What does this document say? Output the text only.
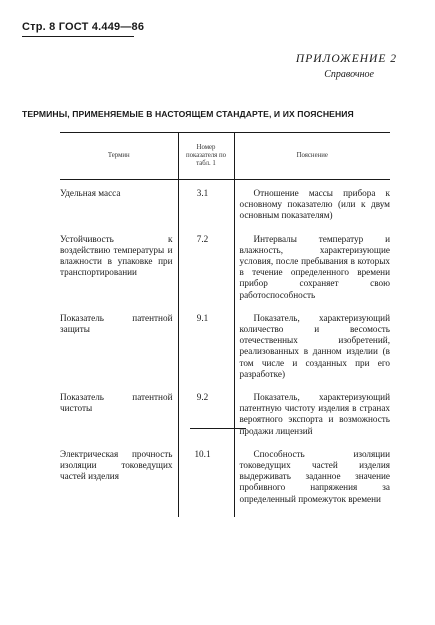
Стр. 8 ГОСТ 4.449—86
ПРИЛОЖЕНИЕ 2
Справочное
ТЕРМИНЫ, ПРИМЕНЯЕМЫЕ В НАСТОЯЩЕМ СТАНДАРТЕ, И ИХ ПОЯСНЕНИЯ
Термин	Номер показателя по табл. 1	Пояснение
Удельная масса	3.1	Отношение массы прибора к основному показателю (или к двум основным показателям)

Устойчивость к воздействию температуры и влажности в упаковке при транспортировании	7.2	Интервалы температур и влажность, характеризующие условия, после пребывания в которых в течение определенного времени прибор сохраняет свою работоспособность

Показатель патентной защиты	9.1	Показатель, характеризующий количество и весомость отечественных изобретений, реализованных в данном изделии (в том числе и созданных при его разработке)

Показатель патентной чистоты	9.2	Показатель, характеризующий патентную чистоту изделия в странах вероятного экспорта и возможность продажи лицензий

Электрическая прочность изоляции токоведущих частей изделия	10.1	Способность изоляции токоведущих частей изделия выдерживать заданное значение пробивного напряжения за определенный промежуток времени
